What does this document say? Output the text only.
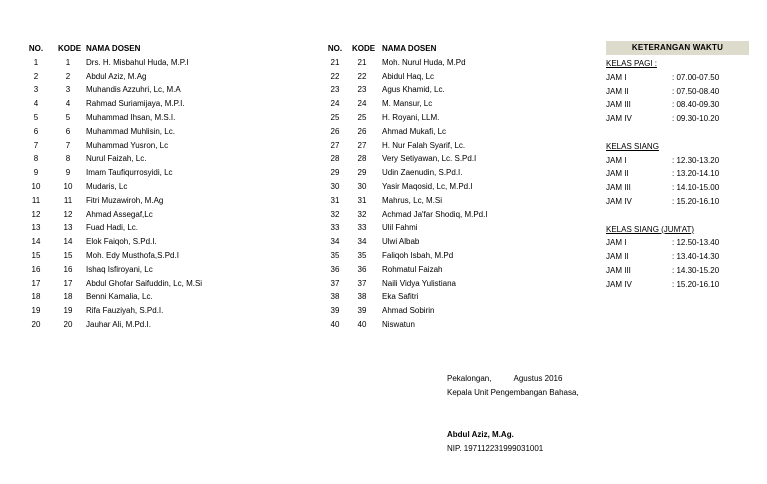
NO. KODE NAMA DOSEN
1	1	Drs. H. Misbahul Huda, M.P.I
2	2	Abdul Aziz, M.Ag
3	3	Muhandis Azzuhri, Lc, M.A
4	4	Rahmad Suriamijaya, M.P.I.
5	5	Muhammad Ihsan, M.S.I.
6	6	Muhammad Muhlisin, Lc.
7	7	Muhammad Yusron, Lc
8	8	Nurul Faizah, Lc.
9	9	Imam Taufiqurrosyidi, Lc
10	10	Mudaris, Lc
11	11	Fitri Muzawiroh, M.Ag
12	12	Ahmad Assegaf,Lc
13	13	Fuad Hadi, Lc.
14	14	Elok Faiqoh, S.Pd.I.
15	15	Moh. Edy Musthofa,S.Pd.I
16	16	Ishaq Isfiroyani, Lc
17	17	Abdul Ghofar Saifuddin, Lc, M.Si
18	18	Benni Kamalia, Lc.
19	19	Rifa Fauziyah, S.Pd.I.
20	20	Jauhar Ali, M.Pd.I.
NO. KODE NAMA DOSEN
21	21	Moh. Nurul Huda, M.Pd
22	22	Abidul Haq, Lc
23	23	Agus Khamid, Lc.
24	24	M. Mansur, Lc
25	25	H. Royani, LLM.
26	26	Ahmad Mukafi, Lc
27	27	H. Nur Falah Syarif, Lc.
28	28	Very Setiyawan, Lc. S.Pd.I
29	29	Udin Zaenudin, S.Pd.I.
30	30	Yasir Maqosid, Lc, M.Pd.I
31	31	Mahrus, Lc, M.Si
32	32	Achmad Ja'far Shodiq, M.Pd.I
33	33	Ulil Fahmi
34	34	Ulwi Albab
35	35	Faliqoh Isbah, M.Pd
36	36	Rohmatul Faizah
37	37	Naili Vidya Yulistiana
38	38	Eka Safitri
39	39	Ahmad Sobirin
40	40	Niswatun
KETERANGAN WAKTU
KELAS PAGI :
JAM I	: 07.00-07.50
JAM II	: 07.50-08.40
JAM III	: 08.40-09.30
JAM IV	: 09.30-10.20
KELAS SIANG
JAM I	: 12.30-13.20
JAM II	: 13.20-14.10
JAM III	: 14.10-15.00
JAM IV	: 15.20-16.10
KELAS SIANG (JUM'AT)
JAM I	: 12.50-13.40
JAM II	: 13.40-14.30
JAM III	: 14.30-15.20
JAM IV	: 15.20-16.10
Pekalongan,	Agustus 2016
Kepala Unit Pengembangan Bahasa,
Abdul Aziz, M.Ag.
NIP. 197112231999031001
